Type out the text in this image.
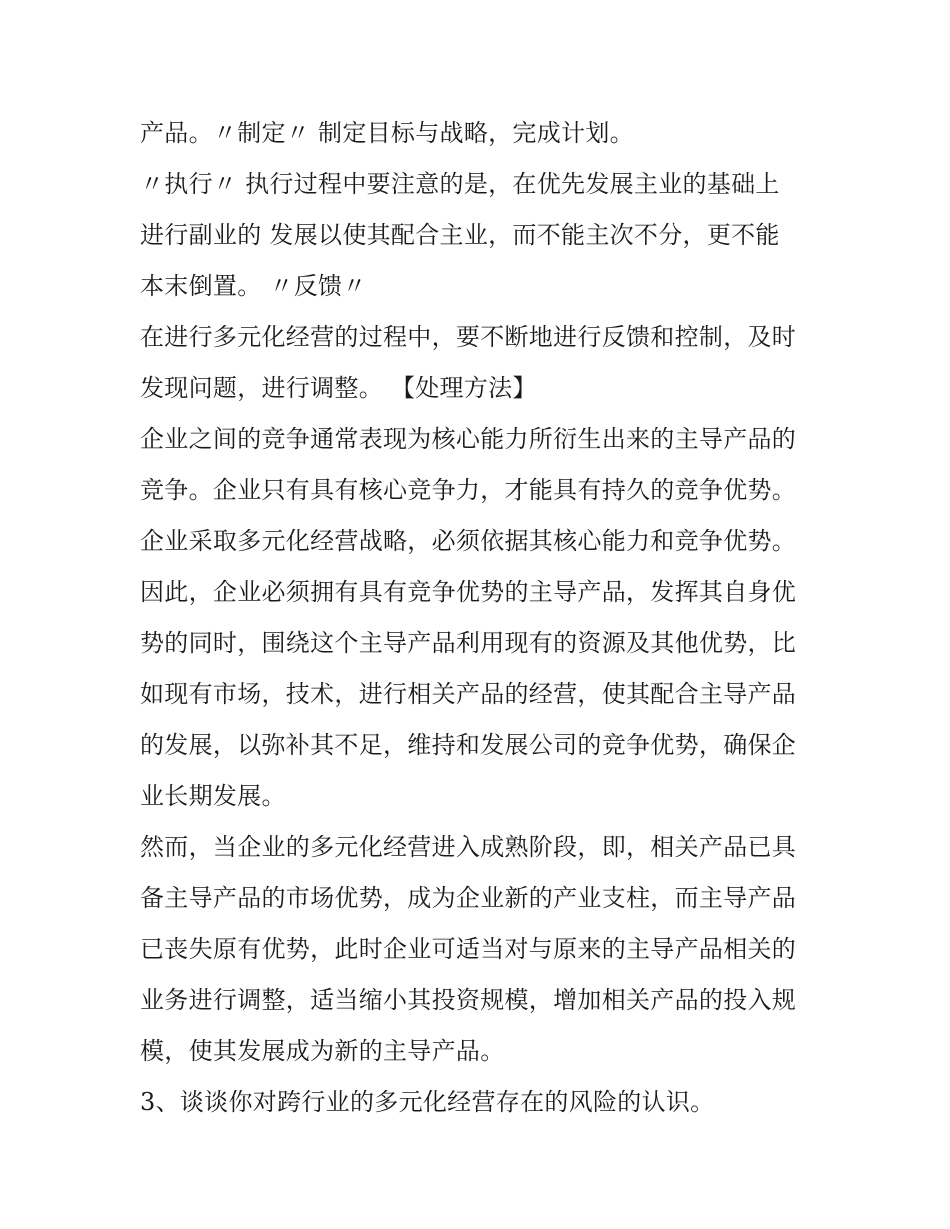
产品。〃制定〃 制定目标与战略，完成计划。
〃执行〃 执行过程中要注意的是，在优先发展主业的基础上
进行副业的 发展以使其配合主业，而不能主次不分，更不能
本末倒置。 〃反馈〃
在进行多元化经营的过程中，要不断地进行反馈和控制，及时
发现问题，进行调整。 【处理方法】
企业之间的竞争通常表现为核心能力所衍生出来的主导产品的
竞争。企业只有具有核心竞争力，才能具有持久的竞争优势。
企业采取多元化经营战略，必须依据其核心能力和竞争优势。
因此，企业必须拥有具有竞争优势的主导产品，发挥其自身优
势的同时，围绕这个主导产品利用现有的资源及其他优势，比
如现有市场，技术，进行相关产品的经营，使其配合主导产品
的发展，以弥补其不足，维持和发展公司的竞争优势，确保企
业长期发展。
然而，当企业的多元化经营进入成熟阶段，即，相关产品已具
备主导产品的市场优势，成为企业新的产业支柱，而主导产品
已丧失原有优势，此时企业可适当对与原来的主导产品相关的
业务进行调整，适当缩小其投资规模，增加相关产品的投入规
模，使其发展成为新的主导产品。
3、谈谈你对跨行业的多元化经营存在的风险的认识。
